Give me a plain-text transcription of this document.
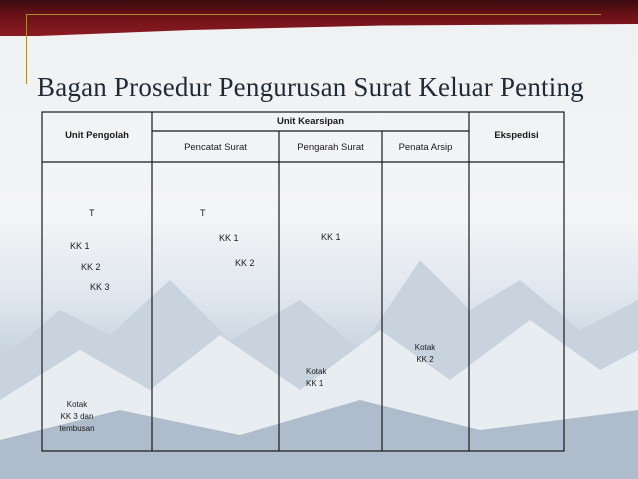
Bagan Prosedur Pengurusan Surat Keluar Penting
Unit Pengolah
Unit Kearsipan
Ekspedisi
Pencatat Surat	Pengarah Surat	Penata Arsip
T
KK 1
KK 2
KK 3
Kotak
KK 3 dan
tembusan
T
KK 1
KK 2
KK 1
Kotak
KK 1
Kotak
KK 2
